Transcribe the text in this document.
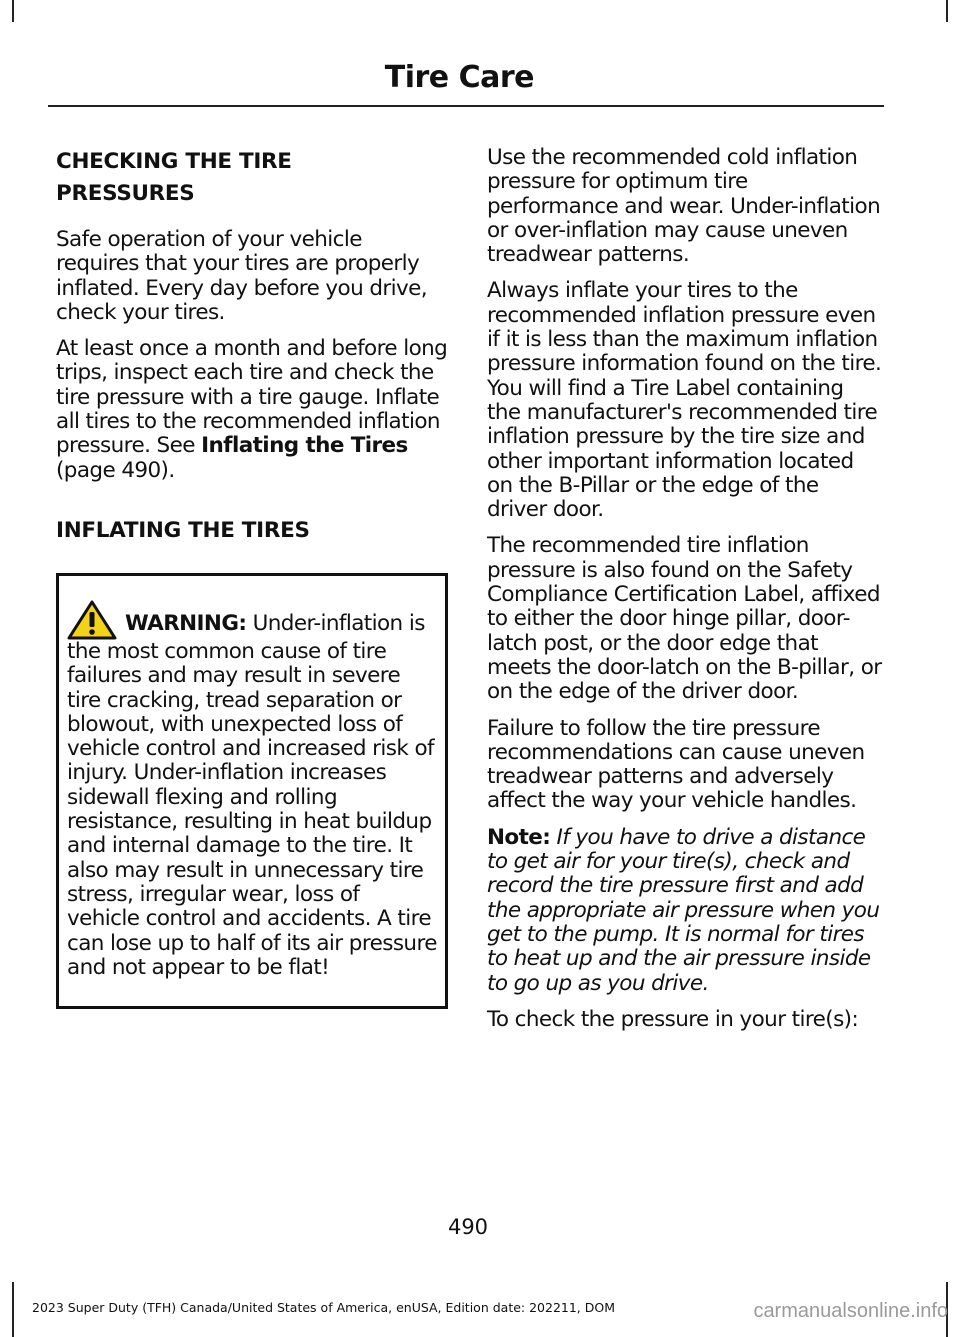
Tire Care
CHECKING THE TIRE
PRESSURES

Safe operation of your vehicle requires that your tires are properly inflated. Every day before you drive, check your tires.

At least once a month and before long trips, inspect each tire and check the tire pressure with a tire gauge. Inflate all tires to the recommended inflation pressure. See Inflating the Tires (page 490).

INFLATING THE TIRES

WARNING: Under-inflation is the most common cause of tire failures and may result in severe tire cracking, tread separation or blowout, with unexpected loss of vehicle control and increased risk of injury. Under-inflation increases sidewall flexing and rolling resistance, resulting in heat buildup and internal damage to the tire. It also may result in unnecessary tire stress, irregular wear, loss of vehicle control and accidents. A tire can lose up to half of its air pressure and not appear to be flat!

Use the recommended cold inflation pressure for optimum tire performance and wear. Under-inflation or over-inflation may cause uneven treadwear patterns.

Always inflate your tires to the recommended inflation pressure even if it is less than the maximum inflation pressure information found on the tire. You will find a Tire Label containing the manufacturer's recommended tire inflation pressure by the tire size and other important information located on the B-Pillar or the edge of the driver door.

The recommended tire inflation pressure is also found on the Safety Compliance Certification Label, affixed to either the door hinge pillar, door-latch post, or the door edge that meets the door-latch on the B-pillar, or on the edge of the driver door.

Failure to follow the tire pressure recommendations can cause uneven treadwear patterns and adversely affect the way your vehicle handles.

Note: If you have to drive a distance to get air for your tire(s), check and record the tire pressure first and add the appropriate air pressure when you get to the pump. It is normal for tires to heat up and the air pressure inside to go up as you drive.

To check the pressure in your tire(s):

490
2023 Super Duty (TFH) Canada/United States of America, enUSA, Edition date: 202211, DOM	carmanualsonline.info
